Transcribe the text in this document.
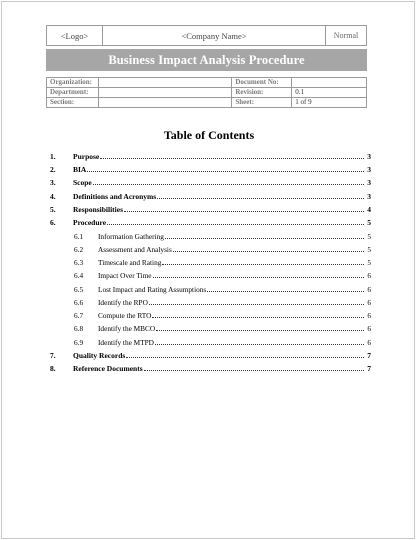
<Logo>	<Company Name>	Normal
Business Impact Analysis Procedure
Organization:		Document No:	
Department:		Revision:	0.1
Section:		Sheet:	1 of 9
Table of Contents
1. Purpose	3
2. BIA	3
3. Scope	3
4. Definitions and Acronyms	3
5. Responsibilities	4
6. Procedure	5
6.1 Information Gathering	5
6.2 Assessment and Analysis	5
6.3 Timescale and Rating	5
6.4 Impact Over Time	6
6.5 Lost Impact and Rating Assumptions	6
6.6 Identify the RPO	6
6.7 Compute the RTO	6
6.8 Identify the MBCO	6
6.9 Identify the MTPD	6
7. Quality Records	7
8. Reference Documents	7
